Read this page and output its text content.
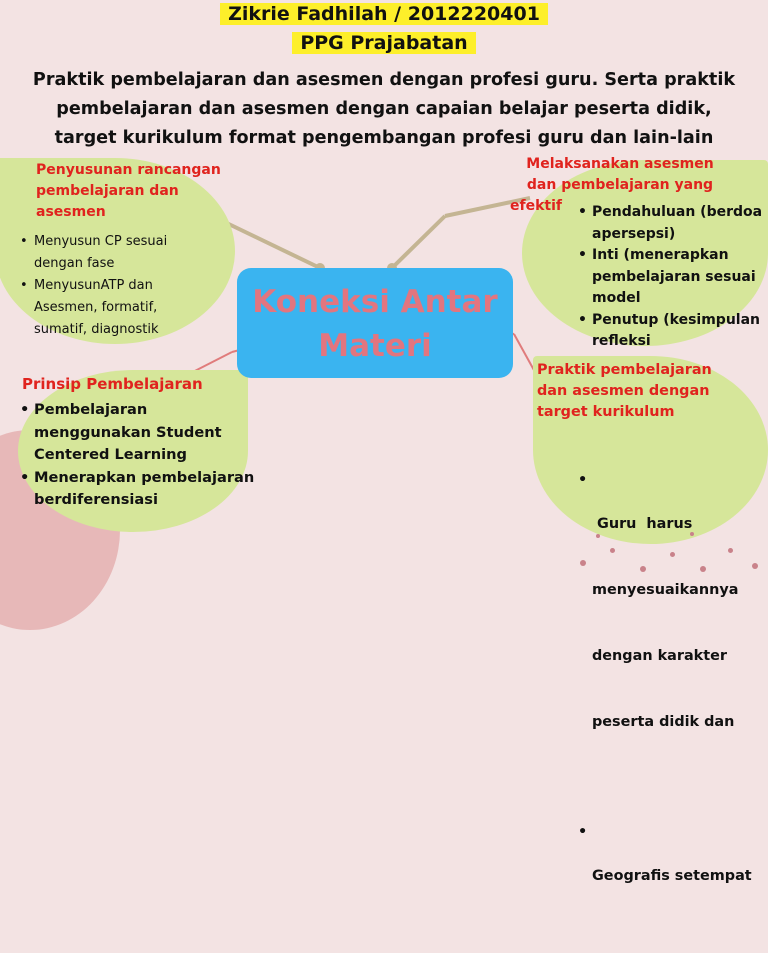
Zikrie Fadhilah / 2012220401
PPG Prajabatan
Praktik pembelajaran dan asesmen dengan profesi guru. Serta praktik
pembelajaran dan asesmen dengan capaian belajar peserta didik,
target kurikulum format pengembangan profesi guru dan lain-lain
Koneksi Antar
Materi
Penyusunan rancangan
pembelajaran dan
asesmen
• Menyusun CP sesuai
dengan fase
• MenyusunATP dan
Asesmen, formatif,
sumatif, diagnostik
Prinsip Pembelajaran
• Pembelajaran
menggunakan Student
Centered Learning
• Menerapkan pembelajaran
berdiferensiasi
Melaksanakan asesmen
dan pembelajaran yang
efektif
•	Pendahuluan (berdoa
apersepsi)
• Inti (menerapkan
pembelajaran sesuai
model
• Penutup (kesimpulan
refleksi
Praktik pembelajaran
dan asesmen dengan
target kurikulum

•  Guru  harus

menyesuaikannya

dengan karakter

peserta didik dan

• Geografis setempat
